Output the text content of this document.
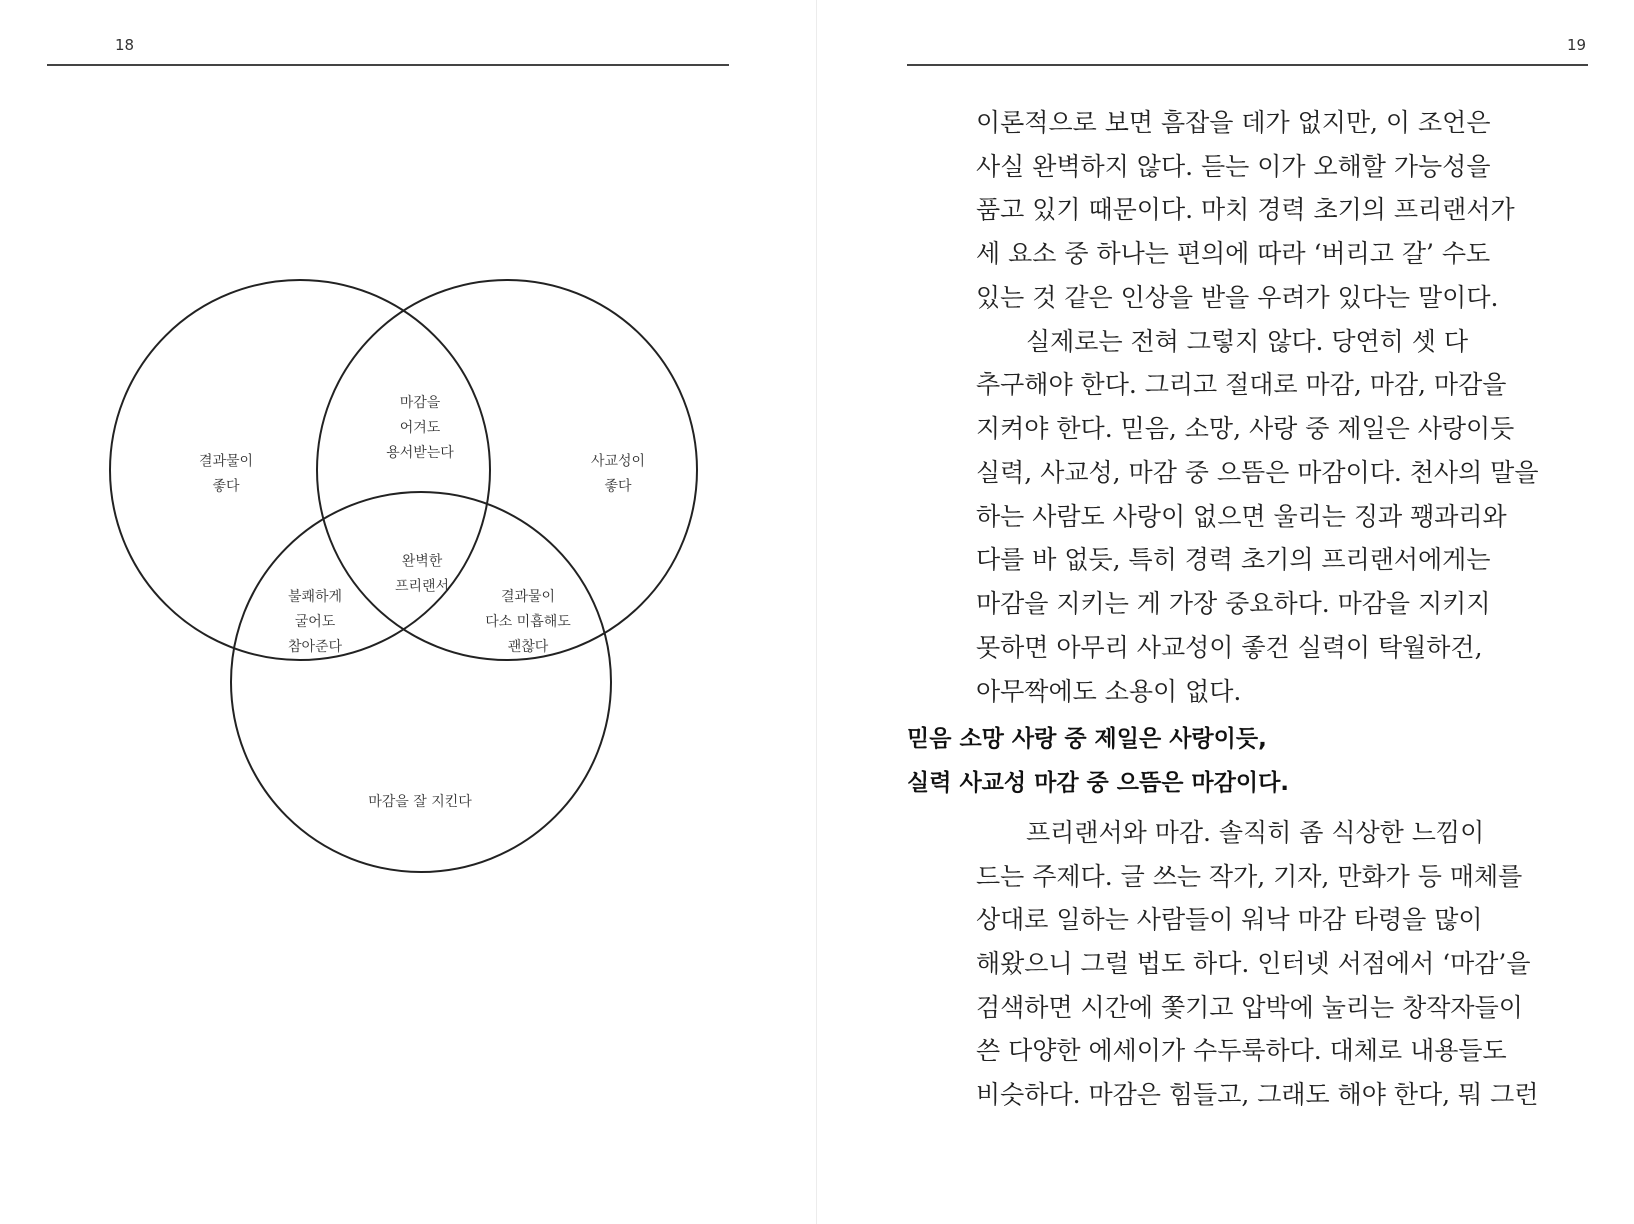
18
결과물이 좋다
사교성이 좋다
마감을 잘 지킨다
마감을 어겨도 용서받는다
불쾌하게 굴어도 참아준다
결과물이 다소 미흡해도 괜찮다
완벽한 프리랜서
19
이론적으로 보면 흠잡을 데가 없지만, 이 조언은
사실 완벽하지 않다. 듣는 이가 오해할 가능성을
품고 있기 때문이다. 마치 경력 초기의 프리랜서가
세 요소 중 하나는 편의에 따라 ‘버리고 갈’ 수도
있는 것 같은 인상을 받을 우려가 있다는 말이다.
실제로는 전혀 그렇지 않다. 당연히 셋 다
추구해야 한다. 그리고 절대로 마감, 마감, 마감을
지켜야 한다. 믿음, 소망, 사랑 중 제일은 사랑이듯
실력, 사교성, 마감 중 으뜸은 마감이다. 천사의 말을
하는 사람도 사랑이 없으면 울리는 징과 꽹과리와
다를 바 없듯, 특히 경력 초기의 프리랜서에게는
마감을 지키는 게 가장 중요하다. 마감을 지키지
못하면 아무리 사교성이 좋건 실력이 탁월하건,
아무짝에도 소용이 없다.
믿음 소망 사랑 중 제일은 사랑이듯,
실력 사교성 마감 중 으뜸은 마감이다.
프리랜서와 마감. 솔직히 좀 식상한 느낌이
드는 주제다. 글 쓰는 작가, 기자, 만화가 등 매체를
상대로 일하는 사람들이 워낙 마감 타령을 많이
해왔으니 그럴 법도 하다. 인터넷 서점에서 ‘마감’을
검색하면 시간에 쫓기고 압박에 눌리는 창작자들이
쓴 다양한 에세이가 수두룩하다. 대체로 내용들도
비슷하다. 마감은 힘들고, 그래도 해야 한다, 뭐 그런
